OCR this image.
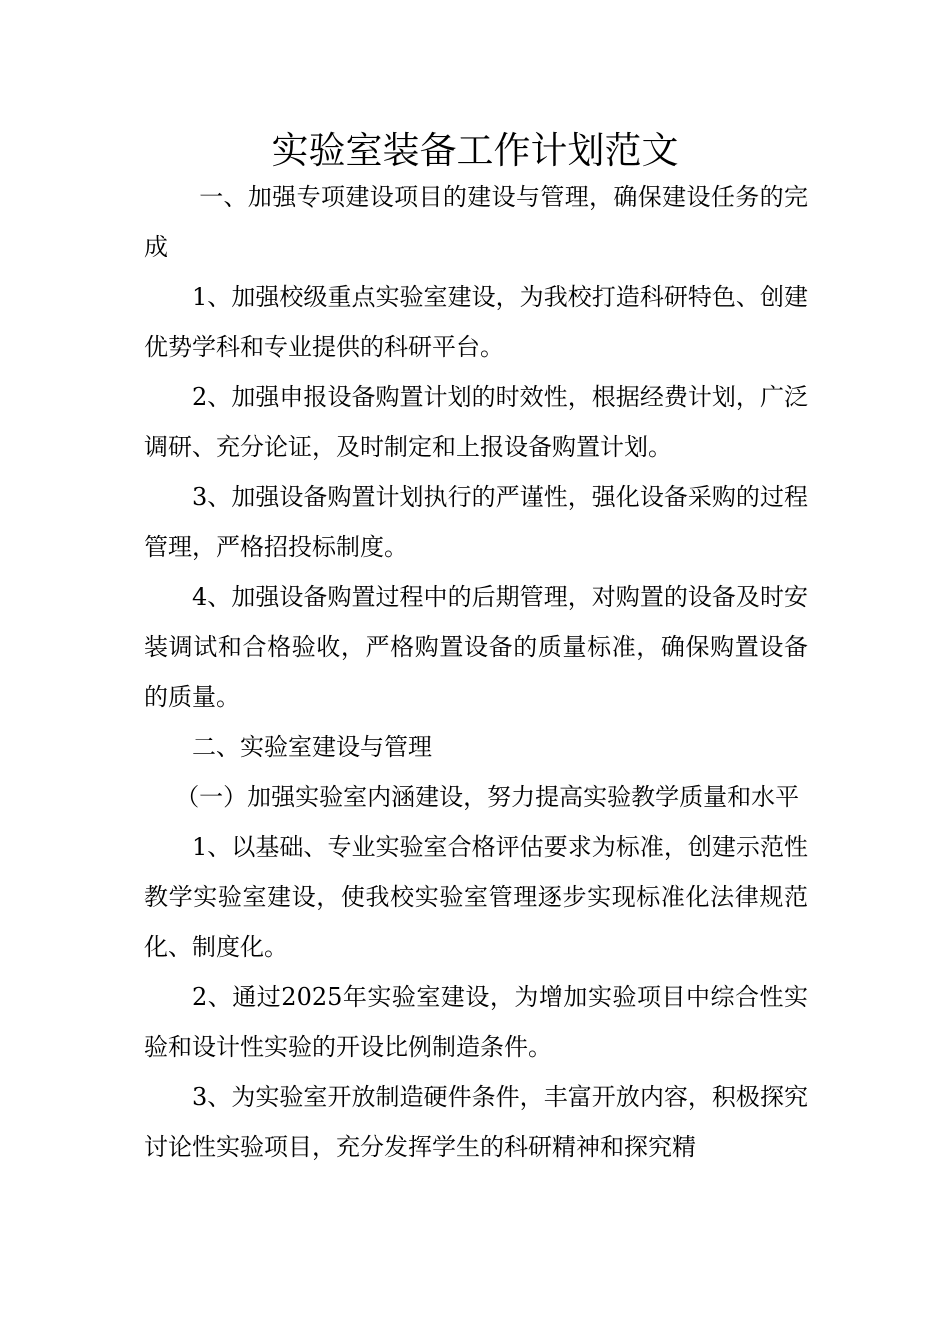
实验室装备工作计划范文

一、加强专项建设项目的建设与管理，确保建设任务的完成

1、加强校级重点实验室建设，为我校打造科研特色、创建优势学科和专业提供的科研平台。

2、加强申报设备购置计划的时效性，根据经费计划，广泛调研、充分论证，及时制定和上报设备购置计划。

3、加强设备购置计划执行的严谨性，强化设备采购的过程管理，严格招投标制度。

4、加强设备购置过程中的后期管理，对购置的设备及时安装调试和合格验收，严格购置设备的质量标准，确保购置设备的质量。

二、实验室建设与管理

（一）加强实验室内涵建设，努力提高实验教学质量和水平

1、以基础、专业实验室合格评估要求为标准，创建示范性教学实验室建设，使我校实验室管理逐步实现标准化法律规范化、制度化。

2、通过2025年实验室建设，为增加实验项目中综合性实验和设计性实验的开设比例制造条件。

3、为实验室开放制造硬件条件，丰富开放内容，积极探究讨论性实验项目，充分发挥学生的科研精神和探究精
